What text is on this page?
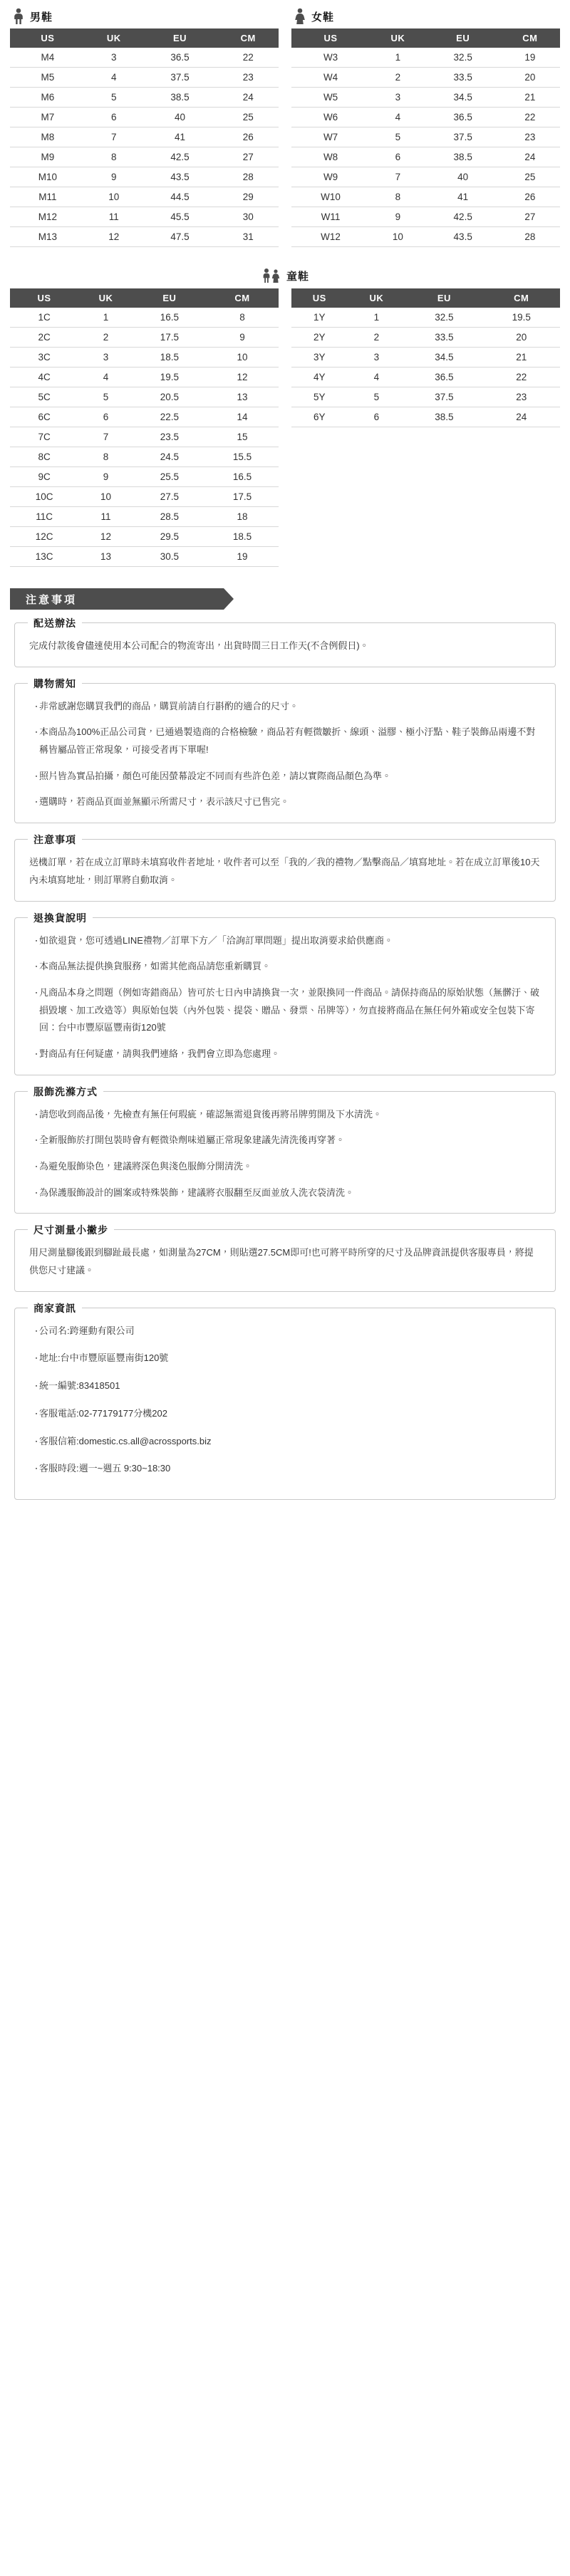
男鞋
US	UK	EU	CM
M4	3	36.5	22
M5	4	37.5	23
M6	5	38.5	24
M7	6	40	25
M8	7	41	26
M9	8	42.5	27
M10	9	43.5	28
M11	10	44.5	29
M12	11	45.5	30
M13	12	47.5	31
女鞋
US	UK	EU	CM
W3	1	32.5	19
W4	2	33.5	20
W5	3	34.5	21
W6	4	36.5	22
W7	5	37.5	23
W8	6	38.5	24
W9	7	40	25
W10	8	41	26
W11	9	42.5	27
W12	10	43.5	28
童鞋
US	UK	EU	CM
1C	1	16.5	8
2C	2	17.5	9
3C	3	18.5	10
4C	4	19.5	12
5C	5	20.5	13
6C	6	22.5	14
7C	7	23.5	15
8C	8	24.5	15.5
9C	9	25.5	16.5
10C	10	27.5	17.5
11C	11	28.5	18
12C	12	29.5	18.5
13C	13	30.5	19
US	UK	EU	CM
1Y	1	32.5	19.5
2Y	2	33.5	20
3Y	3	34.5	21
4Y	4	36.5	22
5Y	5	37.5	23
6Y	6	38.5	24
注意事項
配送辦法

完成付款後會儘速使用本公司配合的物流寄出，出貨時間三日工作天(不含例假日)。

購物需知
‧ 非常感謝您購買我們的商品，購買前請自行斟酌的適合的尺寸。
‧ 本商品為100%正品公司貨，已通過製造商的合格檢驗，商品若有輕微皺折、線頭、溢膠、極小汙點、鞋子裝飾品兩邊不對稱皆屬品管正常現象，可接受者再下單喔!
‧ 照片皆為實品拍攝，顏色可能因螢幕設定不同而有些許色差，請以實際商品顏色為準。
‧ 選購時，若商品頁面並無顯示所需尺寸，表示該尺寸已售完。
注意事項

送機訂單，若在成立訂單時未填寫收件者地址，收件者可以至「我的／我的禮物／點擊商品／填寫地址。若在成立訂單後10天內未填寫地址，則訂單將自動取消。

退換貨說明
‧ 如欲退貨，您可透過LINE禮物／訂單下方／「洽詢訂單問題」提出取消要求給供應商。
‧ 本商品無法提供換貨服務，如需其他商品請您重新購買。
‧ 凡商品本身之問題（例如寄錯商品）皆可於七日內申請換貨一次，並限換同一件商品。請保持商品的原始狀態（無髒汙、破損毀壞、加工改造等）與原始包裝（內外包裝、提袋、贈品、發票、吊牌等），勿直接將商品在無任何外箱或安全包裝下寄回：台中市豐原區豐南街120號
‧ 對商品有任何疑慮，請與我們連絡，我們會立即為您處理。
服飾洗滌方式
‧ 請您收到商品後，先檢查有無任何瑕疵，確認無需退貨後再將吊牌剪開及下水清洗。
‧ 全新服飾於打開包裝時會有輕微染劑味道屬正常現象建議先清洗後再穿著。
‧ 為避免服飾染色，建議將深色與淺色服飾分開清洗。
‧ 為保護服飾設計的圖案或特殊裝飾，建議將衣服翻至反面並放入洗衣袋清洗。
尺寸測量小撇步

用尺測量腳後跟到腳趾最長處，如測量為27CM，則貼選27.5CM即可!也可將平時所穿的尺寸及品牌資訊提供客服專員，將提供您尺寸建議。

商家資訊
‧ 公司名:跨運動有限公司
‧ 地址:台中市豐原區豐南街120號
‧ 統一編號:83418501
‧ 客服電話:02-77179177分機202
‧ 客服信箱:domestic.cs.all@acrossports.biz
‧ 客服時段:週一~週五 9:30~18:30
